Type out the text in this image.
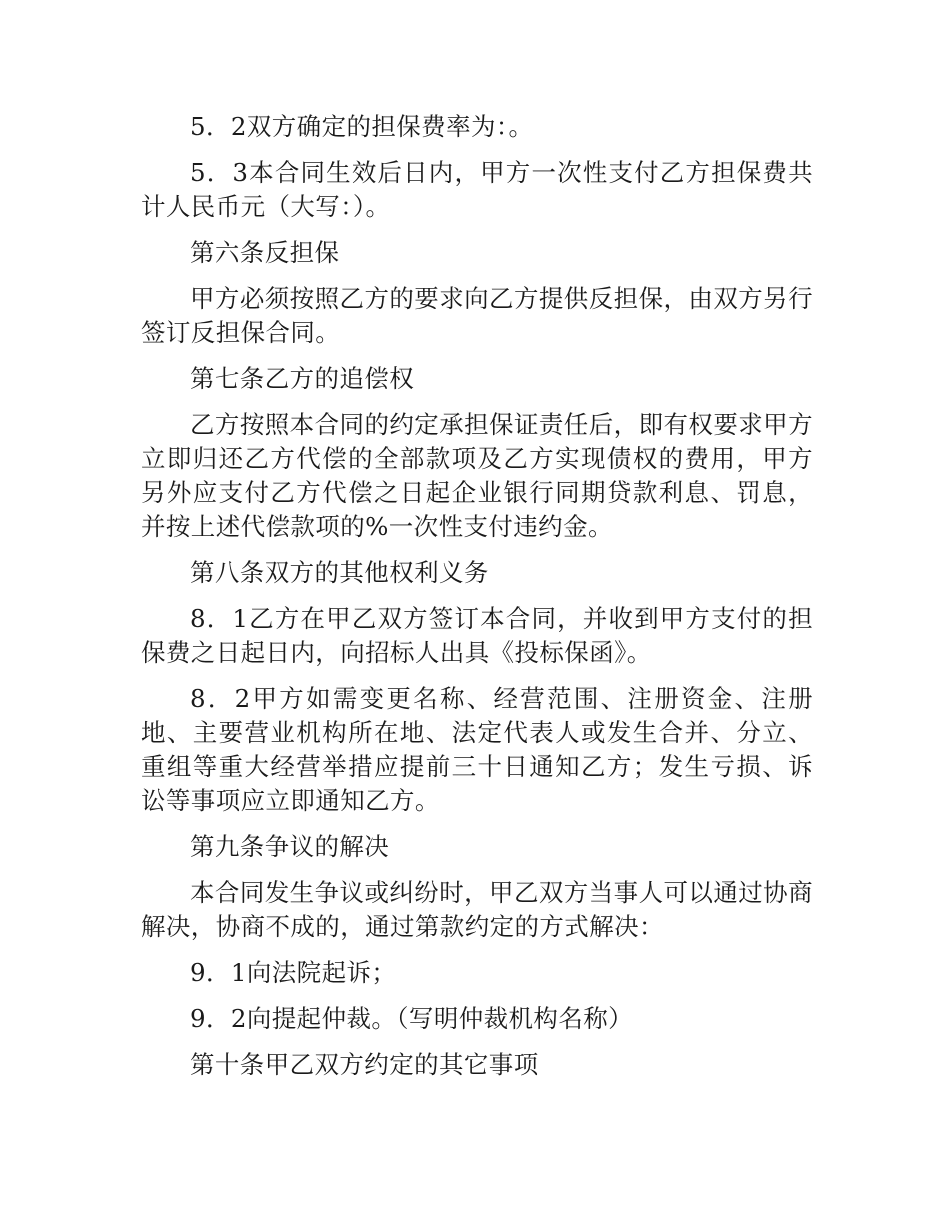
5．2双方确定的担保费率为：。

5．3本合同生效后日内，甲方一次性支付乙方担保费共计人民币元（大写：）。

第六条反担保

甲方必须按照乙方的要求向乙方提供反担保，由双方另行签订反担保合同。

第七条乙方的追偿权

乙方按照本合同的约定承担保证责任后，即有权要求甲方立即归还乙方代偿的全部款项及乙方实现债权的费用，甲方另外应支付乙方代偿之日起企业银行同期贷款利息、罚息，并按上述代偿款项的%一次性支付违约金。

第八条双方的其他权利义务

8．1乙方在甲乙双方签订本合同，并收到甲方支付的担保费之日起日内，向招标人出具《投标保函》。

8．2甲方如需变更名称、经营范围、注册资金、注册地、主要营业机构所在地、法定代表人或发生合并、分立、重组等重大经营举措应提前三十日通知乙方；发生亏损、诉讼等事项应立即通知乙方。

第九条争议的解决

本合同发生争议或纠纷时，甲乙双方当事人可以通过协商解决，协商不成的，通过第款约定的方式解决：

9．1向法院起诉；

9．2向提起仲裁。（写明仲裁机构名称）

第十条甲乙双方约定的其它事项
